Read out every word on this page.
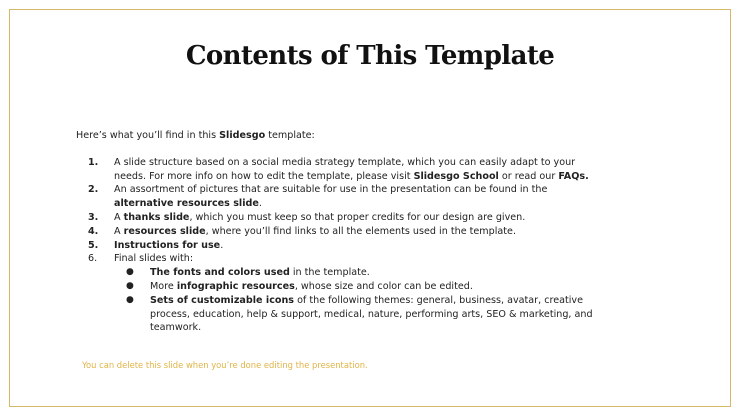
Contents of This Template
Here’s what you’ll find in this Slidesgo template:
1. A slide structure based on a social media strategy template, which you can easily adapt to your needs. For more info on how to edit the template, please visit Slidesgo School or read our FAQs.
2. An assortment of pictures that are suitable for use in the presentation can be found in the alternative resources slide.
3. A thanks slide, which you must keep so that proper credits for our design are given.
4. A resources slide, where you’ll find links to all the elements used in the template.
5. Instructions for use.
6. Final slides with:
● The fonts and colors used in the template.
● More infographic resources, whose size and color can be edited.
● Sets of customizable icons of the following themes: general, business, avatar, creative process, education, help & support, medical, nature, performing arts, SEO & marketing, and teamwork.
You can delete this slide when you’re done editing the presentation.
